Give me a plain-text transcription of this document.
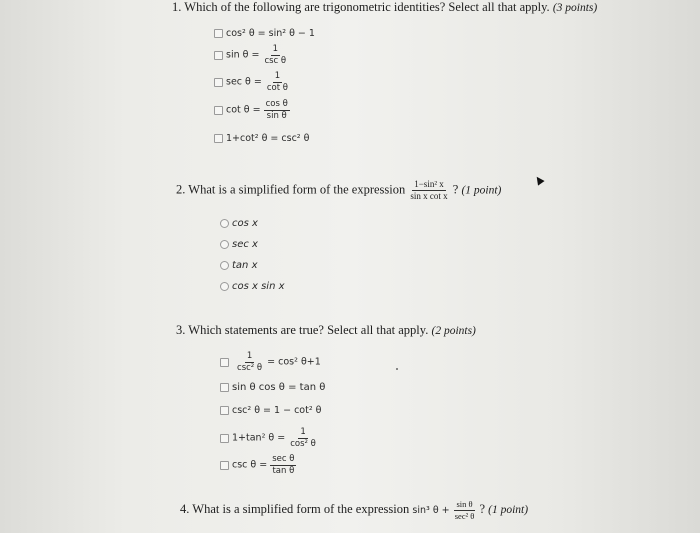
1. Which of the following are trigonometric identities? Select all that apply. (3 points)
cos² θ = sin² θ − 1
$\sin \theta = \frac{1}{\text{csc θ}}$
$\sec \theta = \frac{1}{\text{cot θ}}$
$\cot \theta = \frac{\text{cos θ}}{\text{sin θ}}$
1+cot² θ = csc² θ
2. What is a simplified form of the expression $\frac{\text{1−sin² x}}{\text{sin x cot x}}$ ? (1 point)
cos x
sec x
tan x
cos x sin x
3. Which statements are true? Select all that apply. (2 points)

$\frac{1}{\text{csc² θ}} = \cos^2$ θ+1
sin θ cos θ = tan θ
csc² θ = 1 − cot² θ
1+tan² $\theta = \frac{1}{\text{cos² θ}}$
$\csc \theta = \frac{\text{sec θ}}{\text{tan θ}}$
4. What is a simplified form of the expression sin³ $\theta + \frac{\text{sin θ}}{\text{sec² θ}}$ ? (1 point)
